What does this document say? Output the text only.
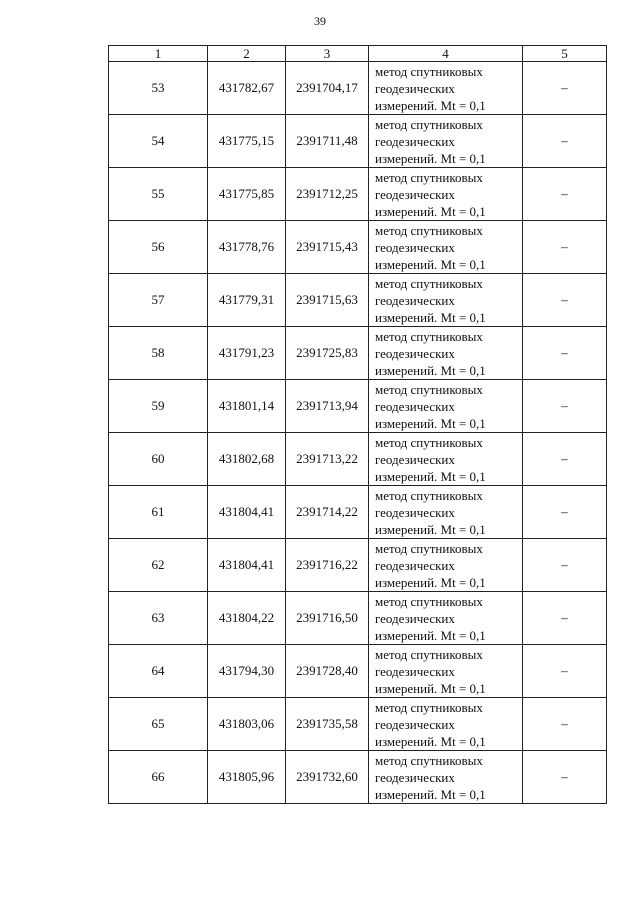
39
1	2	3	4	5
53	431782,67	2391704,17	метод спутниковых
геодезических
измерений. Mt = 0,1	–
54	431775,15	2391711,48	метод спутниковых
геодезических
измерений. Mt = 0,1	–
55	431775,85	2391712,25	метод спутниковых
геодезических
измерений. Mt = 0,1	–
56	431778,76	2391715,43	метод спутниковых
геодезических
измерений. Mt = 0,1	–
57	431779,31	2391715,63	метод спутниковых
геодезических
измерений. Mt = 0,1	–
58	431791,23	2391725,83	метод спутниковых
геодезических
измерений. Mt = 0,1	–
59	431801,14	2391713,94	метод спутниковых
геодезических
измерений. Mt = 0,1	–
60	431802,68	2391713,22	метод спутниковых
геодезических
измерений. Mt = 0,1	–
61	431804,41	2391714,22	метод спутниковых
геодезических
измерений. Mt = 0,1	–
62	431804,41	2391716,22	метод спутниковых
геодезических
измерений. Mt = 0,1	–
63	431804,22	2391716,50	метод спутниковых
геодезических
измерений. Mt = 0,1	–
64	431794,30	2391728,40	метод спутниковых
геодезических
измерений. Mt = 0,1	–
65	431803,06	2391735,58	метод спутниковых
геодезических
измерений. Mt = 0,1	–
66	431805,96	2391732,60	метод спутниковых
геодезических
измерений. Mt = 0,1	–
